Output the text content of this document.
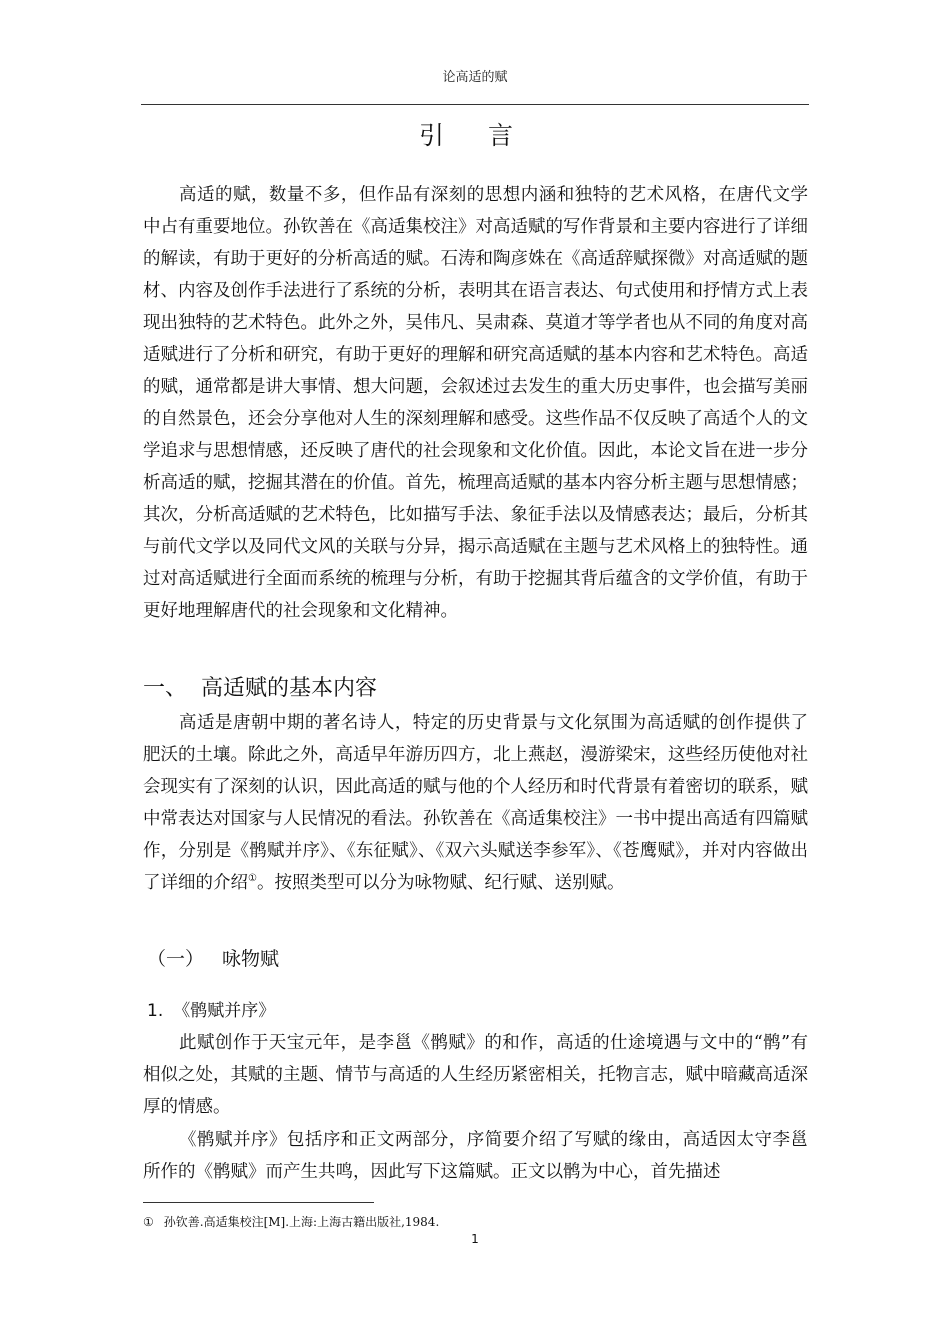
论高适的赋
引 言

高适的赋，数量不多，但作品有深刻的思想内涵和独特的艺术风格，在唐代文学中占有重要地位。孙钦善在《高适集校注》对高适赋的写作背景和主要内容进行了详细的解读，有助于更好的分析高适的赋。石涛和陶彦姝在《高适辞赋探微》对高适赋的题材、内容及创作手法进行了系统的分析，表明其在语言表达、句式使用和抒情方式上表现出独特的艺术特色。此外之外，吴伟凡、吴肃森、莫道才等学者也从不同的角度对高适赋进行了分析和研究，有助于更好的理解和研究高适赋的基本内容和艺术特色。高适的赋，通常都是讲大事情、想大问题，会叙述过去发生的重大历史事件，也会描写美丽的自然景色，还会分享他对人生的深刻理解和感受。这些作品不仅反映了高适个人的文学追求与思想情感，还反映了唐代的社会现象和文化价值。因此，本论文旨在进一步分析高适的赋，挖掘其潜在的价值。首先，梳理高适赋的基本内容分析主题与思想情感；其次，分析高适赋的艺术特色，比如描写手法、象征手法以及情感表达；最后，分析其与前代文学以及同代文风的关联与分异，揭示高适赋在主题与艺术风格上的独特性。通过对高适赋进行全面而系统的梳理与分析，有助于挖掘其背后蕴含的文学价值，有助于更好地理解唐代的社会现象和文化精神。

一、 高适赋的基本内容

高适是唐朝中期的著名诗人，特定的历史背景与文化氛围为高适赋的创作提供了肥沃的土壤。除此之外，高适早年游历四方，北上燕赵，漫游梁宋，这些经历使他对社会现实有了深刻的认识，因此高适的赋与他的个人经历和时代背景有着密切的联系，赋中常表达对国家与人民情况的看法。孙钦善在《高适集校注》一书中提出高适有四篇赋作，分别是《鹘赋并序》、《东征赋》、《双六头赋送李参军》、《苍鹰赋》，并对内容做出了详细的介绍①。按照类型可以分为咏物赋、纪行赋、送别赋。

（一） 咏物赋
1. 《鹘赋并序》

此赋创作于天宝元年，是李邕《鹘赋》的和作，高适的仕途境遇与文中的“鹘”有相似之处，其赋的主题、情节与高适的人生经历紧密相关，托物言志，赋中暗藏高适深厚的情感。

《鹘赋并序》包括序和正文两部分，序简要介绍了写赋的缘由，高适因太守李邕所作的《鹘赋》而产生共鸣，因此写下这篇赋。正文以鹘为中心，首先描述

① 孙钦善.高适集校注[M].上海:上海古籍出版社,1984.
1
